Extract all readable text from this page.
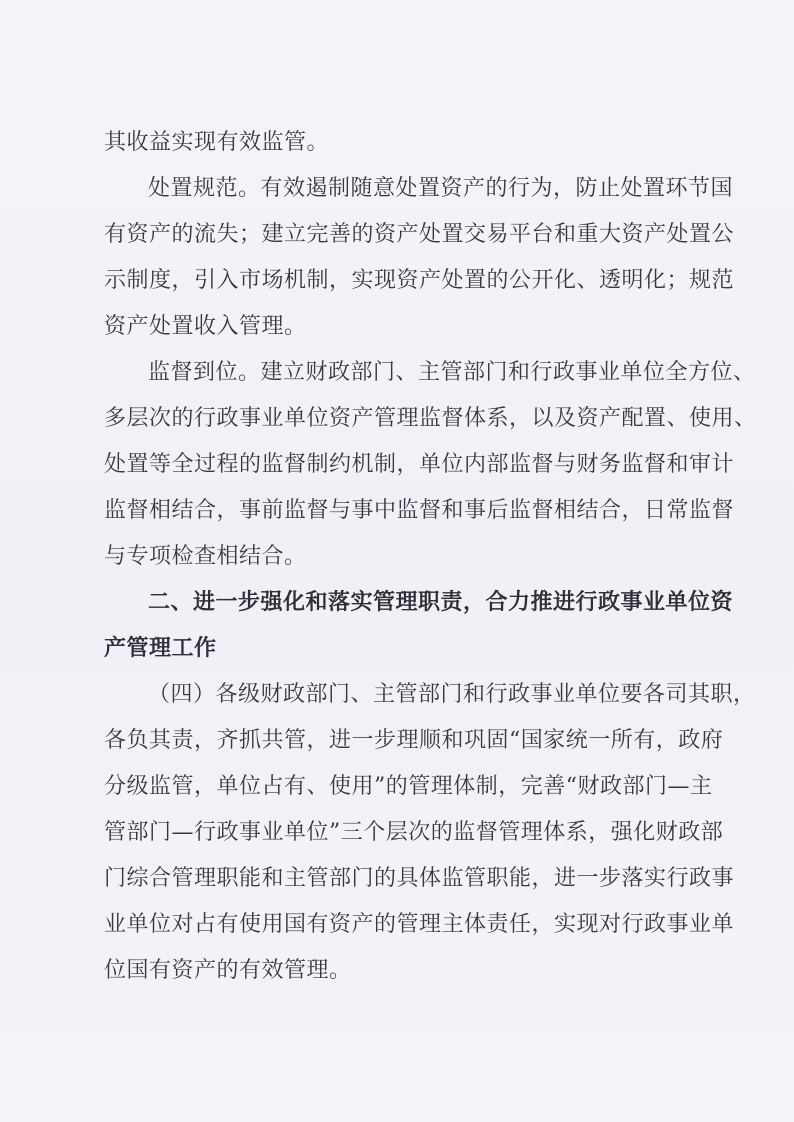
其收益实现有效监管。
处置规范。有效遏制随意处置资产的行为，防止处置环节国
有资产的流失；建立完善的资产处置交易平台和重大资产处置公
示制度，引入市场机制，实现资产处置的公开化、透明化；规范
资产处置收入管理。
监督到位。建立财政部门、主管部门和行政事业单位全方位、
多层次的行政事业单位资产管理监督体系，以及资产配置、使用、
处置等全过程的监督制约机制，单位内部监督与财务监督和审计
监督相结合，事前监督与事中监督和事后监督相结合，日常监督
与专项检查相结合。
二、进一步强化和落实管理职责，合力推进行政事业单位资
产管理工作
（四）各级财政部门、主管部门和行政事业单位要各司其职，
各负其责，齐抓共管，进一步理顺和巩固“国家统一所有，政府
分级监管，单位占有、使用”的管理体制，完善“财政部门—主
管部门—行政事业单位”三个层次的监督管理体系，强化财政部
门综合管理职能和主管部门的具体监管职能，进一步落实行政事
业单位对占有使用国有资产的管理主体责任，实现对行政事业单
位国有资产的有效管理。
